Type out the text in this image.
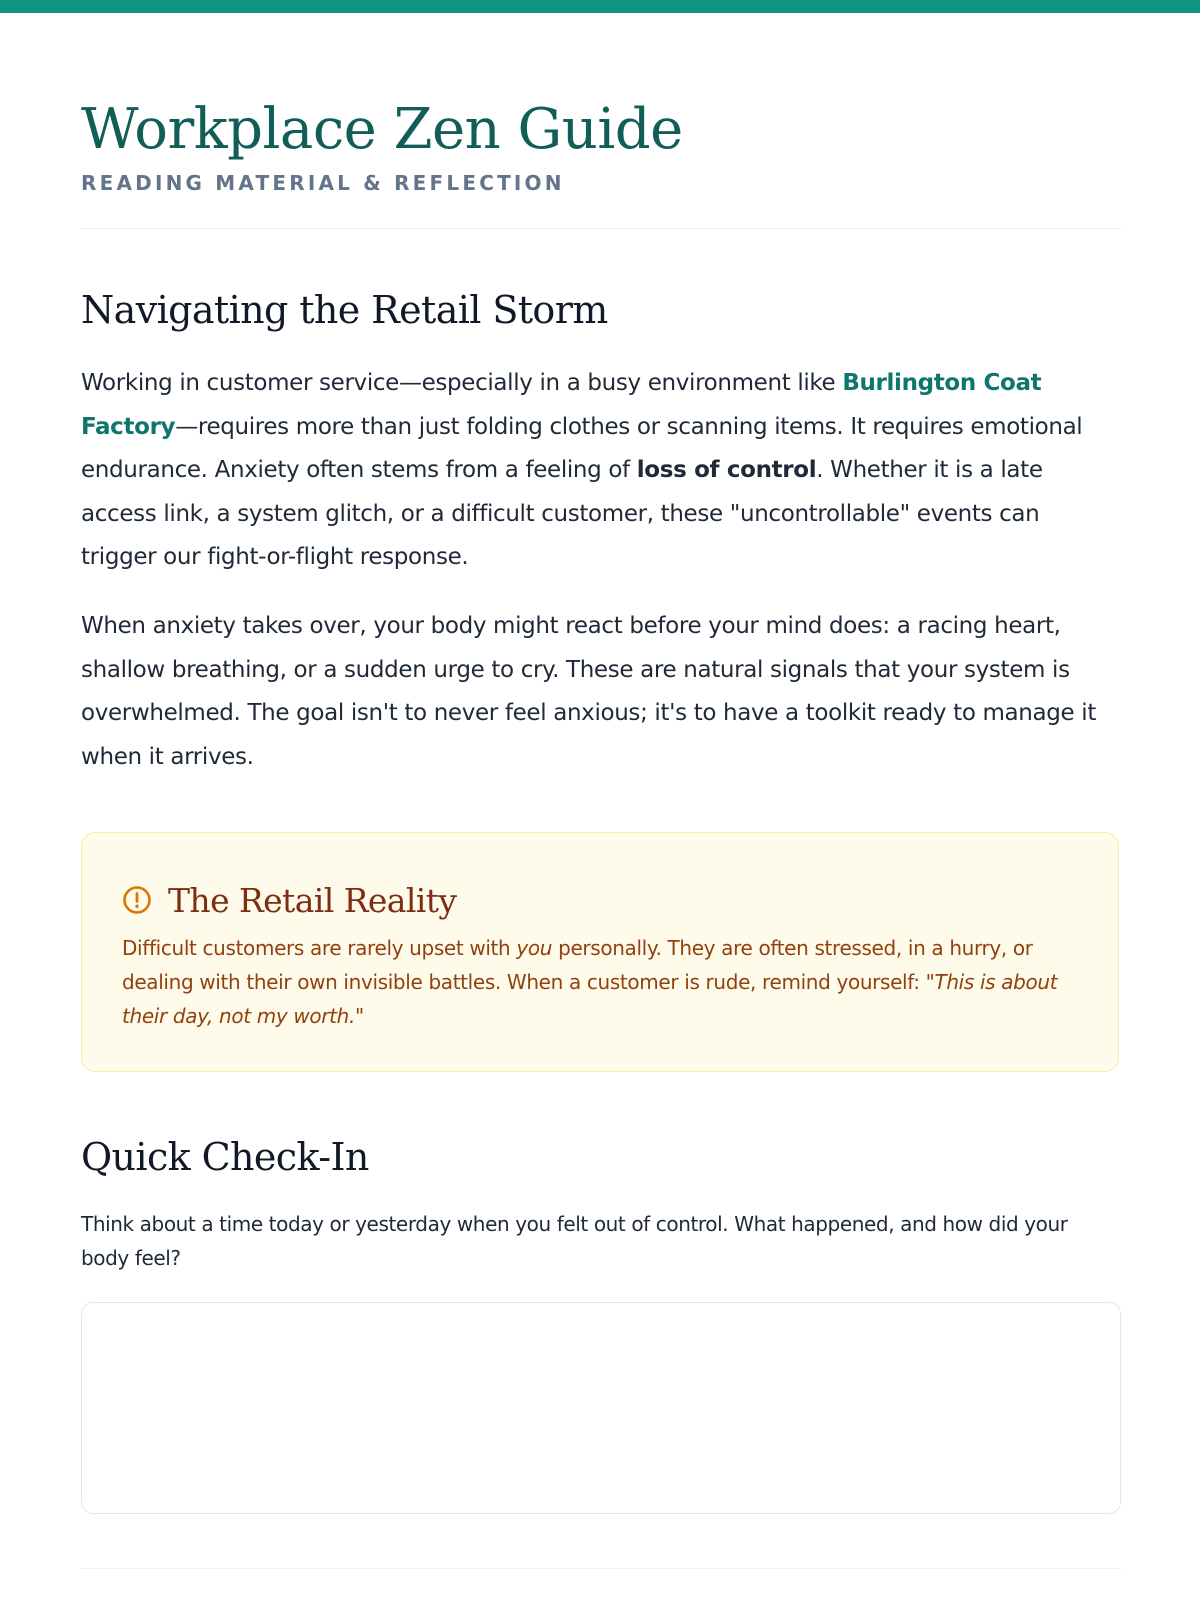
Workplace Zen Guide
READING MATERIAL & REFLECTION
Navigating the Retail Storm

Working in customer service—especially in a busy environment like Burlington Coat Factory—requires more than just folding clothes or scanning items. It requires emotional endurance. Anxiety often stems from a feeling of loss of control. Whether it is a late access link, a system glitch, or a difficult customer, these "uncontrollable" events can trigger our fight-or-flight response.

When anxiety takes over, your body might react before your mind does: a racing heart, shallow breathing, or a sudden urge to cry. These are natural signals that your system is overwhelmed. The goal isn't to never feel anxious; it's to have a toolkit ready to manage it when it arrives.

The Retail Reality

Difficult customers are rarely upset with you personally. They are often stressed, in a hurry, or dealing with their own invisible battles. When a customer is rude, remind yourself: "This is about their day, not my worth."

Quick Check-In

Think about a time today or yesterday when you felt out of control. What happened, and how did your body feel?
